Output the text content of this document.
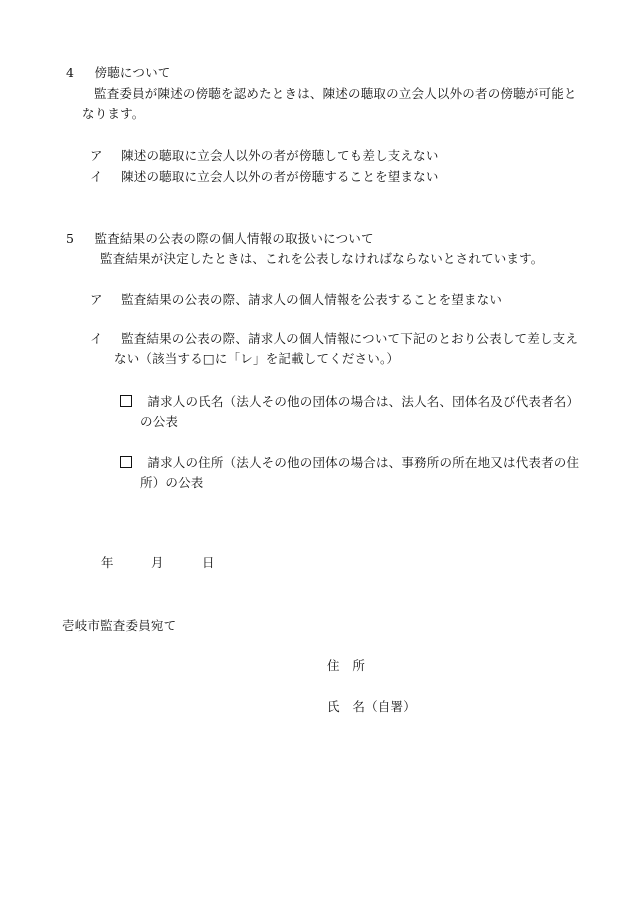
4 傍聴について
監査委員が陳述の傍聴を認めたときは、陳述の聴取の立会人以外の者の傍聴が可能と
なります。
ア 陳述の聴取に立会人以外の者が傍聴しても差し支えない
イ 陳述の聴取に立会人以外の者が傍聴することを望まない
5 監査結果の公表の際の個人情報の取扱いについて
監査結果が決定したときは、これを公表しなければならないとされています。
ア 監査結果の公表の際、請求人の個人情報を公表することを望まない
イ 監査結果の公表の際、請求人の個人情報について下記のとおり公表して差し支え
ない（該当する□に「レ」を記載してください。）
請求人の氏名（法人その他の団体の場合は、法人名、団体名及び代表者名）
の公表
請求人の住所（法人その他の団体の場合は、事務所の所在地又は代表者の住
所）の公表
年	月	日
壱岐市監査委員宛て
住　所
氏　名（自署）
